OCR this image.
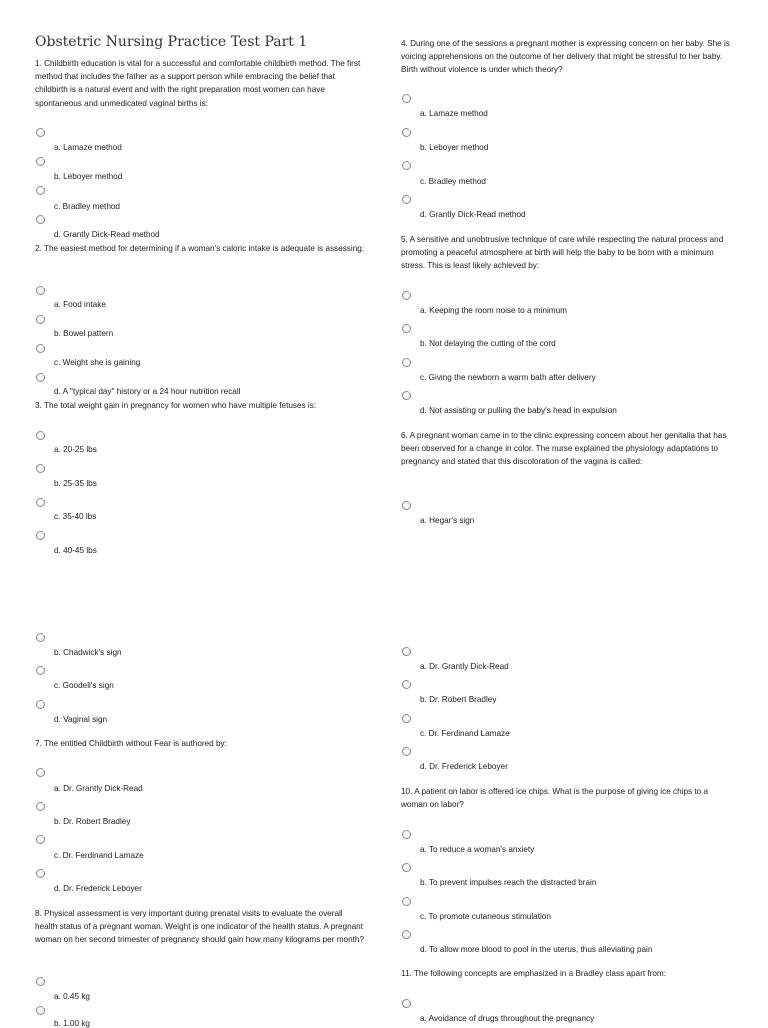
Obstetric Nursing Practice Test Part 1
1. Childbirth education is vital for a successful and comfortable childbirth method. The first method that includes the father as a support person while embracing the belief that childbirth is a natural event and with the right preparation most women can have spontaneous and unmedicated vaginal births is:
a. Lamaze method
b. Leboyer method
c. Bradley method
d. Grantly Dick-Read method
2. The easiest method for determining if a woman's caloric intake is adequate is assessing:
a. Food intake
b. Bowel pattern
c. Weight she is gaining
d. A "typical day" history or a 24 hour nutrition recall
3. The total weight gain in pregnancy for women who have multiple fetuses is:
a. 20-25 lbs
b. 25-35 lbs
c. 35-40 lbs
d. 40-45 lbs
4. During one of the sessions a pregnant mother is expressing concern on her baby. She is voicing apprehensions on the outcome of her delivery that might be stressful to her baby. Birth without violence is under which theory?
a. Lamaze method
b. Leboyer method
c. Bradley method
d. Grantly Dick-Read method
5. A sensitive and unobtrusive technique of care while respecting the natural process and promoting a peaceful atmosphere at birth will help the baby to be born with a minimum stress. This is least likely achieved by:
a. Keeping the room noise to a minimum
b. Not delaying the cutting of the cord
c. Giving the newborn a warm bath after delivery
d. Not assisting or pulling the baby's head in expulsion
6. A pregnant woman came in to the clinic expressing concern about her genitalia that has been observed for a change in color. The nurse explained the physiology adaptations to pregnancy and stated that this discoloration of the vagina is called:
a. Hegar's sign
b. Chadwick's sign
c. Goodell's sign
d. Vaginal sign
7. The entitled Childbirth without Fear is authored by:
a. Dr. Grantly Dick-Read
b. Dr. Robert Bradley
c. Dr. Ferdinand Lamaze
d. Dr. Frederick Leboyer
8. Physical assessment is very important during prenatal visits to evaluate the overall health status of a pregnant woman. Weight is one indicator of the health status. A pregnant woman on her second trimester of pregnancy should gain how many kilograms per month?
a. 0.45 kg
b. 1.00 kg
a. Dr. Grantly Dick-Read
b. Dr. Robert Bradley
c. Dr. Ferdinand Lamaze
d. Dr. Frederick Leboyer
10. A patient on labor is offered ice chips. What is the purpose of giving ice chips to a woman on labor?
a. To reduce a woman's anxiety
b. To prevent impulses reach the distracted brain
c. To promote cutaneous stimulation
d. To allow more blood to pool in the uterus, thus alleviating pain
11. The following concepts are emphasized in a Bradley class apart from:
a. Avoidance of drugs throughout the pregnancy
